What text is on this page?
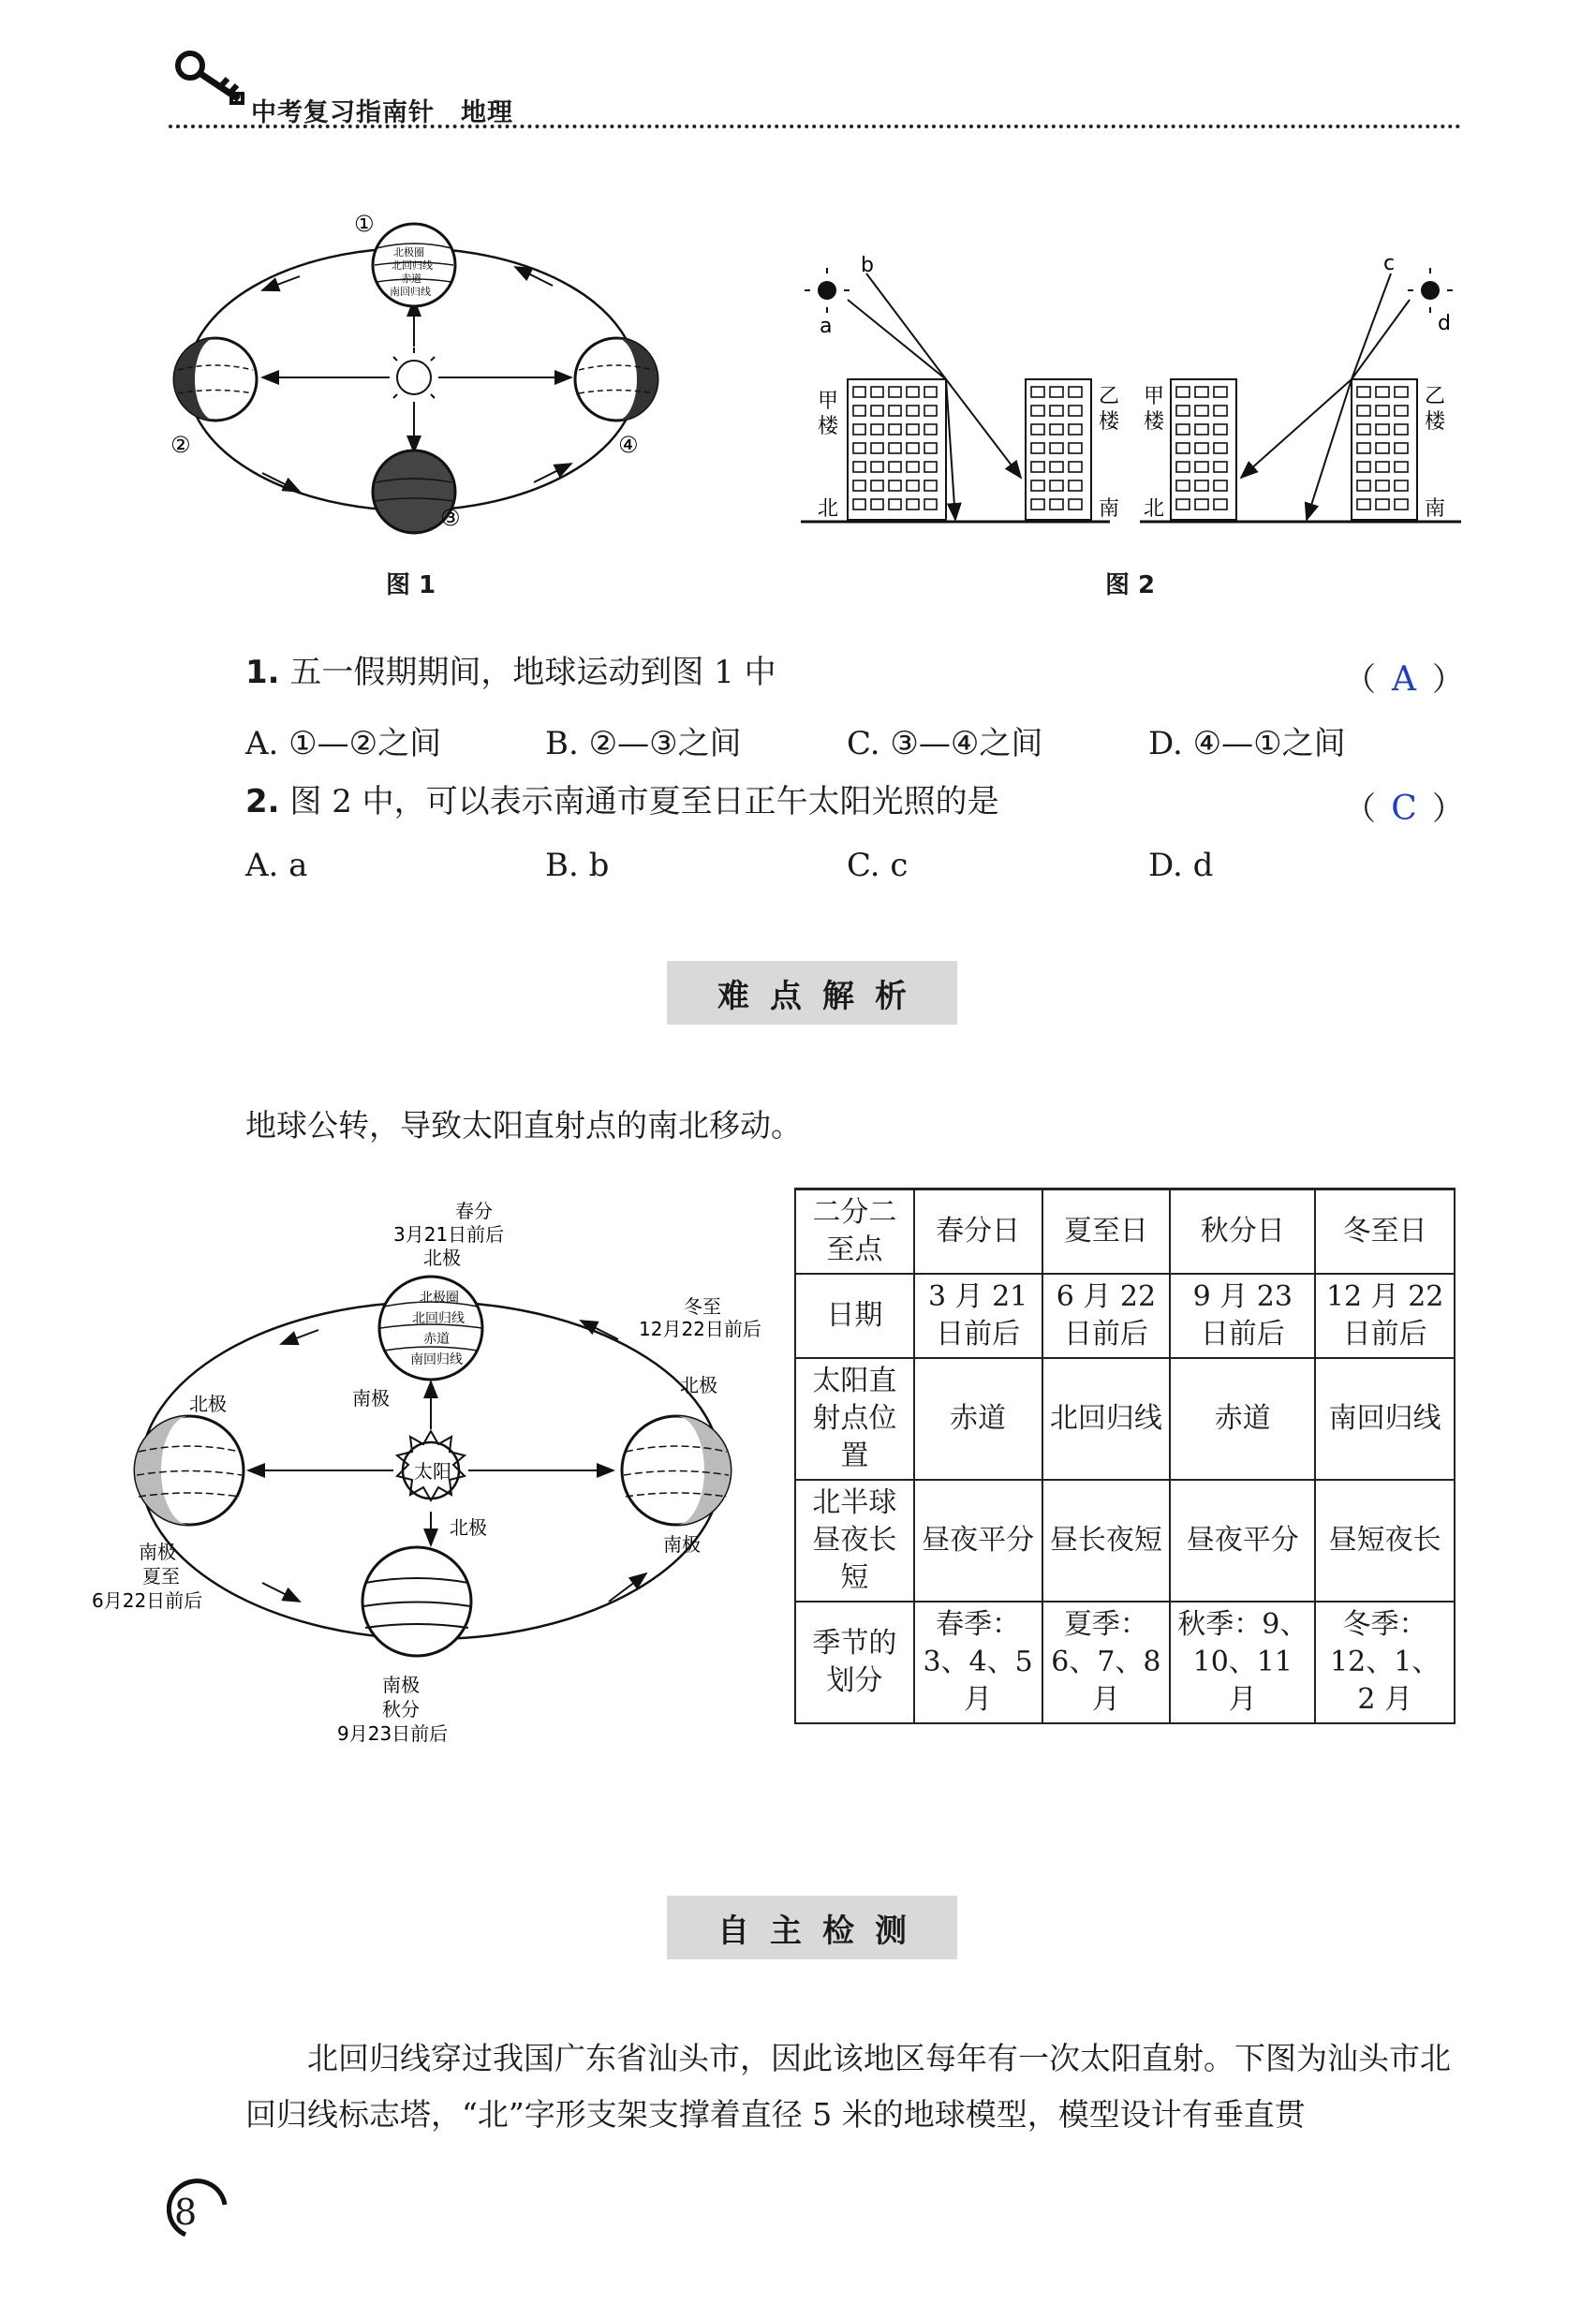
中考复习指南针　地理
北极圈
北回归线
赤道
南回归线
①
②
③
④
a
b
甲
楼
乙
楼
北	南
c
d
甲
楼
乙
楼
北	南
图 1	图 2
1. 五一假期期间，地球运动到图 1 中	（ A ）
A. ①—②之间	B. ②—③之间	C. ③—④之间	D. ④—①之间
2. 图 2 中，可以表示南通市夏至日正午太阳光照的是	（ C ）
A. a	B. b	C. c	D. d
难点解析
地球公转，导致太阳直射点的南北移动。
太阳
春分
3月21日前后
北极
南极
北极圈
北回归线
赤道
南回归线
北极
南极
夏至
6月22日前后
冬至
12月22日前后
北极
南极
北极
南极
秋分
9月23日前后
二分二至点	春分日	夏至日	秋分日	冬至日
日期	3 月 21 日前后	6 月 22 日前后	9 月 23 日前后	12 月 22 日前后
太阳直射点位置	赤道	北回归线	赤道	南回归线
北半球昼夜长短	昼夜平分	昼长夜短	昼夜平分	昼短夜长
季节的划分	春季：3、4、5 月	夏季：6、7、8 月	秋季：9、10、11 月	冬季：12、1、2 月
自主检测
北回归线穿过我国广东省汕头市，因此该地区每年有一次太阳直射。下图为汕头市北回归线标志塔，“北”字形支架支撑着直径 5 米的地球模型，模型设计有垂直贯
8
